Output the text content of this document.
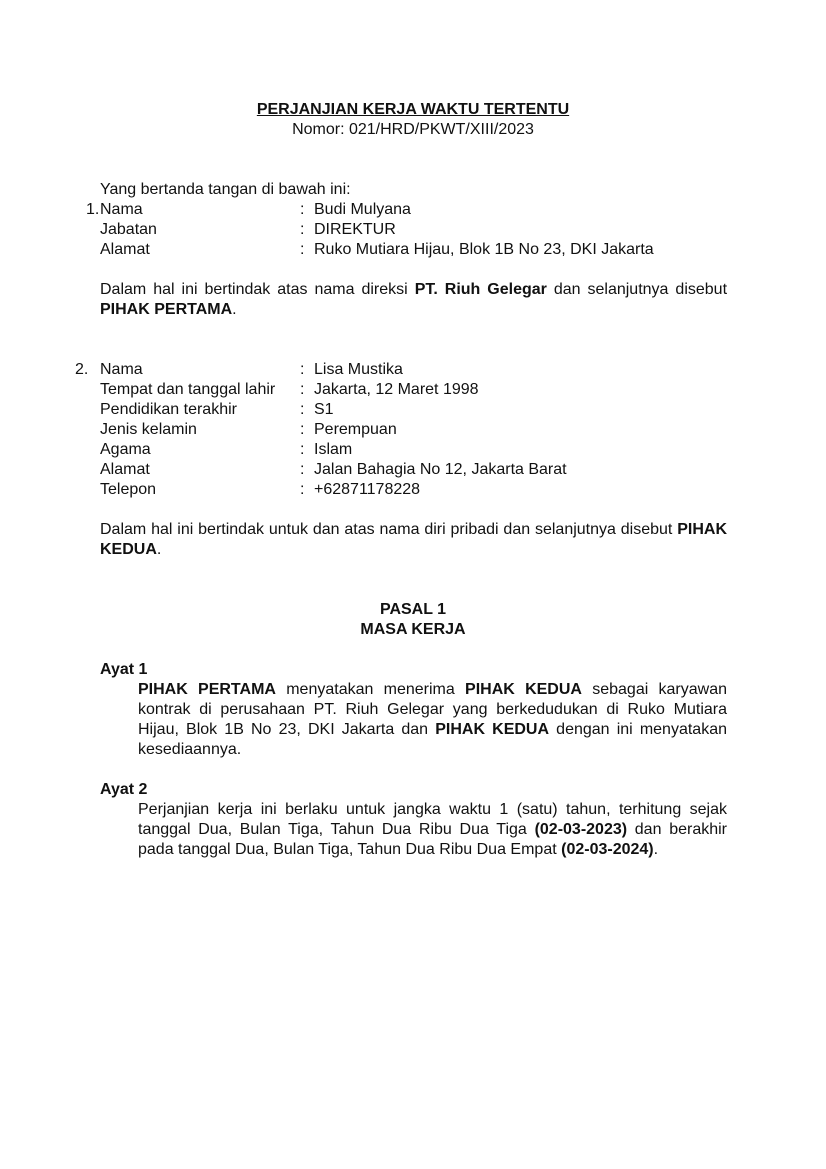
PERJANJIAN KERJA WAKTU TERTENTU
Nomor: 021/HRD/PKWT/XIII/2023
Yang bertanda tangan di bawah ini:
1. Nama	: Budi Mulyana
Jabatan	: DIREKTUR
Alamat	: Ruko Mutiara Hijau, Blok 1B No 23, DKI Jakarta
Dalam hal ini bertindak atas nama direksi PT. Riuh Gelegar dan selanjutnya disebut PIHAK PERTAMA.
2. Nama	: Lisa Mustika
Tempat dan tanggal lahir : Jakarta, 12 Maret 1998
Pendidikan terakhir	: S1
Jenis kelamin	: Perempuan
Agama	: Islam
Alamat	: Jalan Bahagia No 12, Jakarta Barat
Telepon	: +62871178228
Dalam hal ini bertindak untuk dan atas nama diri pribadi dan selanjutnya disebut PIHAK KEDUA.
PASAL 1
MASA KERJA
Ayat 1
PIHAK PERTAMA menyatakan menerima PIHAK KEDUA sebagai karyawan kontrak di perusahaan PT. Riuh Gelegar yang berkedudukan di Ruko Mutiara Hijau, Blok 1B No 23, DKI Jakarta dan PIHAK KEDUA dengan ini menyatakan kesediaannya.
Ayat 2
Perjanjian kerja ini berlaku untuk jangka waktu 1 (satu) tahun, terhitung sejak tanggal Dua, Bulan Tiga, Tahun Dua Ribu Dua Tiga (02-03-2023) dan berakhir pada tanggal Dua, Bulan Tiga, Tahun Dua Ribu Dua Empat (02-03-2024).
